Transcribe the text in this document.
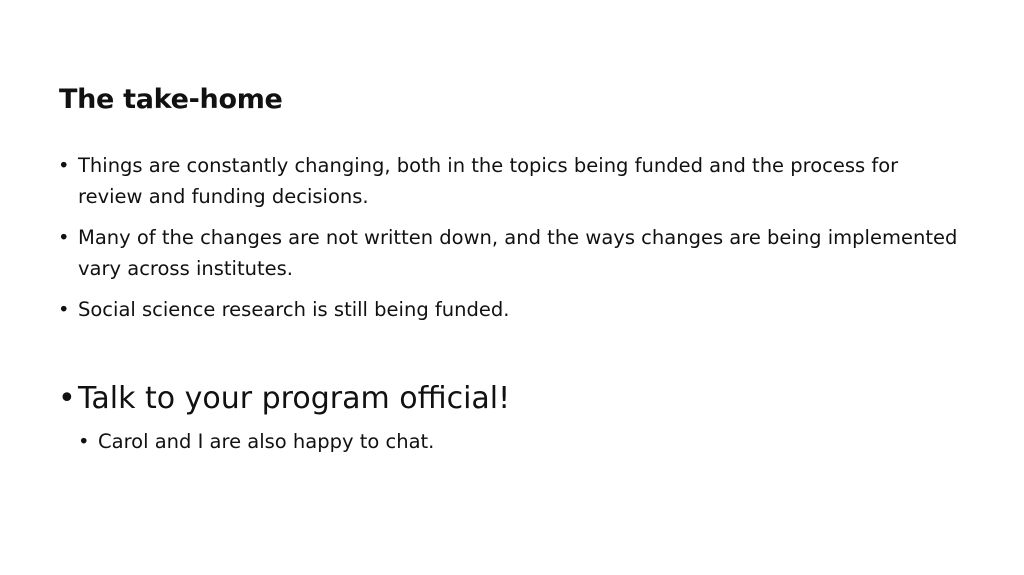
The take-home
• Things are constantly changing, both in the topics being funded and the process for review and funding decisions.
• Many of the changes are not written down, and the ways changes are being implemented vary across institutes.
• Social science research is still being funded.
• Talk to your program official!
• Carol and I are also happy to chat.
